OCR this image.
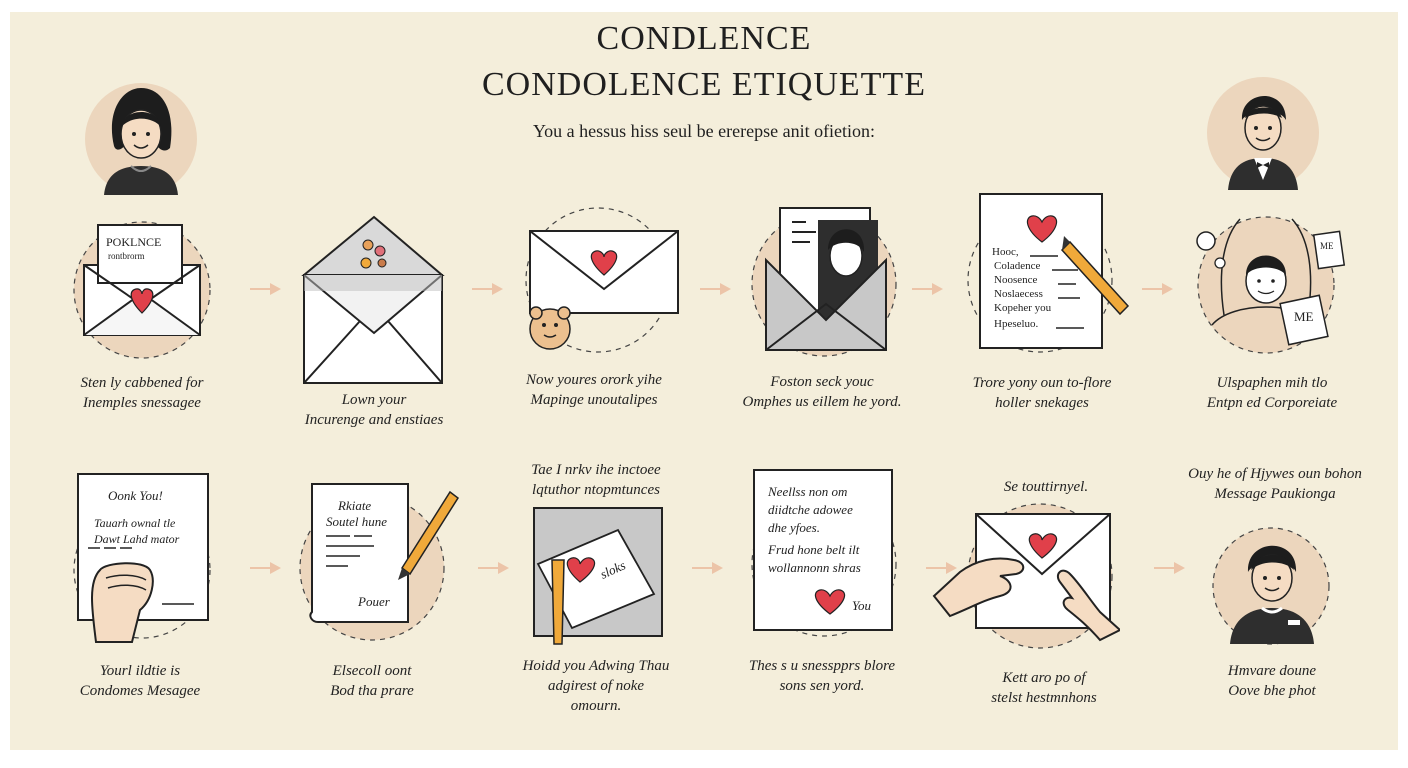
CONDLENCE
CONDOLENCE ETIQUETTE
You a hessus hiss seul be ererepse anit ofietion:
POKLNCE
rontbrorm	Hooc,
Coladence
Noosence
Noslaecess
Kopeher you
Hpeseluo.
ME
ME
Sten ly cabbened for
Inemples snessagee	Lown your
Incurenge and enstiaes
Now youres orork yihe
Mapinge unoutalipes
Foston seck youc
Omphes us eillem he yord.
Trore yony oun to-flore
holler snekages
Ulspaphen mih tlo
Entpn ed Corporeiate
Oonk You!
Tauarh ownal tle
Dawt Lahd mator
Rkiate
Soutel hune
Pouer
sloks
Neellss non om
diidtche adowee
dhe yfoes.
Frud hone belt ilt
wollannonn shras
You
Tae I nrkv ihe inctoee
lqtuthor ntopmtunces	Se touttirnyel.
Ouy he of Hjywes oun bohon
Message Paukionga
Yourl ildtie is
Condomes Mesagee
Elsecoll oont
Bod tha prare
Hoidd you Adwing Thau
adgirest of noke
omourn.
Thes s u snesspprs blore
sons sen yord.	Kett aro po of
stelst hestmnhons
Hmvare doune
Oove bhe phot
